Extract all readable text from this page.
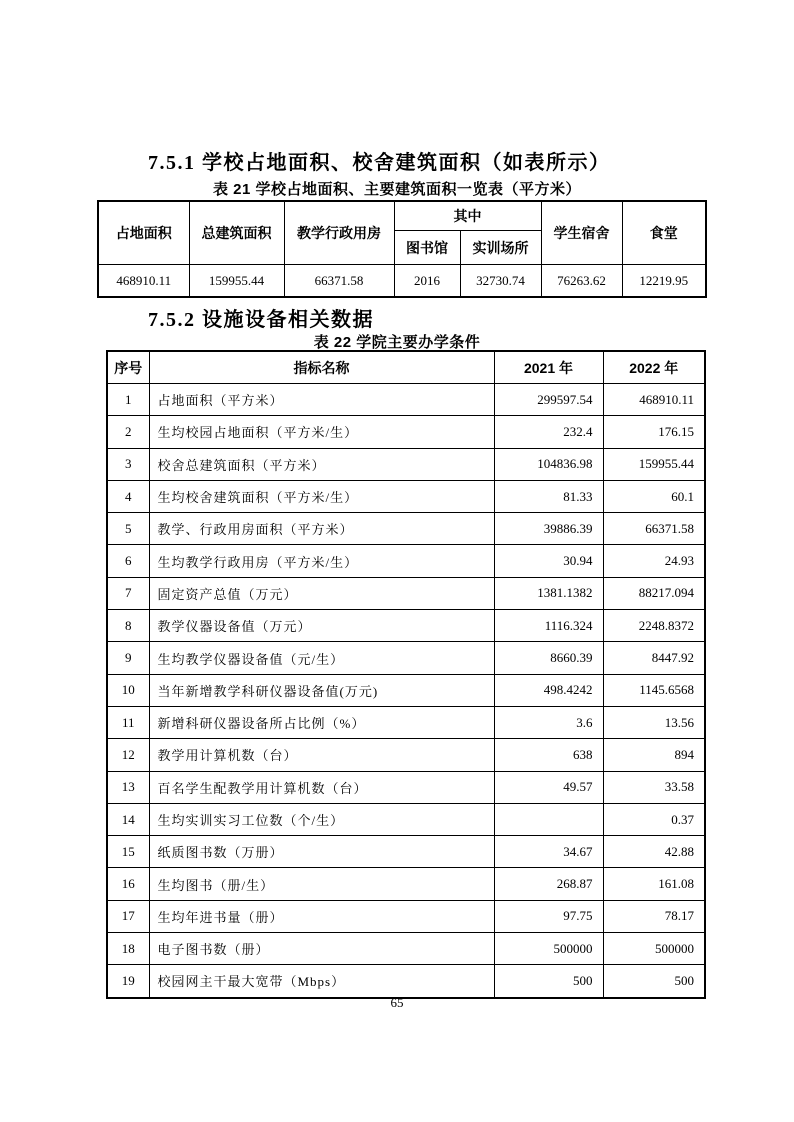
7.5.1 学校占地面积、校舍建筑面积（如表所示）
表 21 学校占地面积、主要建筑面积一览表（平方米）
占地面积	总建筑面积	教学行政用房	其中		学生宿舍	食堂
			图书馆	实训场所		
468910.11	159955.44	66371.58	2016	32730.74	76263.62	12219.95
7.5.2 设施设备相关数据
表 22 学院主要办学条件
序号	指标名称	2021 年	2022 年
1	占地面积（平方米）	299597.54	468910.11
2	生均校园占地面积（平方米/生）	232.4	176.15
3	校舍总建筑面积（平方米）	104836.98	159955.44
4	生均校舍建筑面积（平方米/生）	81.33	60.1
5	教学、行政用房面积（平方米）	39886.39	66371.58
6	生均教学行政用房（平方米/生）	30.94	24.93
7	固定资产总值（万元）	1381.1382	88217.094
8	教学仪器设备值（万元）	1116.324	2248.8372
9	生均教学仪器设备值（元/生）	8660.39	8447.92
10	当年新增教学科研仪器设备值(万元)	498.4242	1145.6568
11	新增科研仪器设备所占比例（%）	3.6	13.56
12	教学用计算机数（台）	638	894
13	百名学生配教学用计算机数（台）	49.57	33.58
14	生均实训实习工位数（个/生）		0.37
15	纸质图书数（万册）	34.67	42.88
16	生均图书（册/生）	268.87	161.08
17	生均年进书量（册）	97.75	78.17
18	电子图书数（册）	500000	500000
19	校园网主干最大宽带（Mbps）	500	500
65
